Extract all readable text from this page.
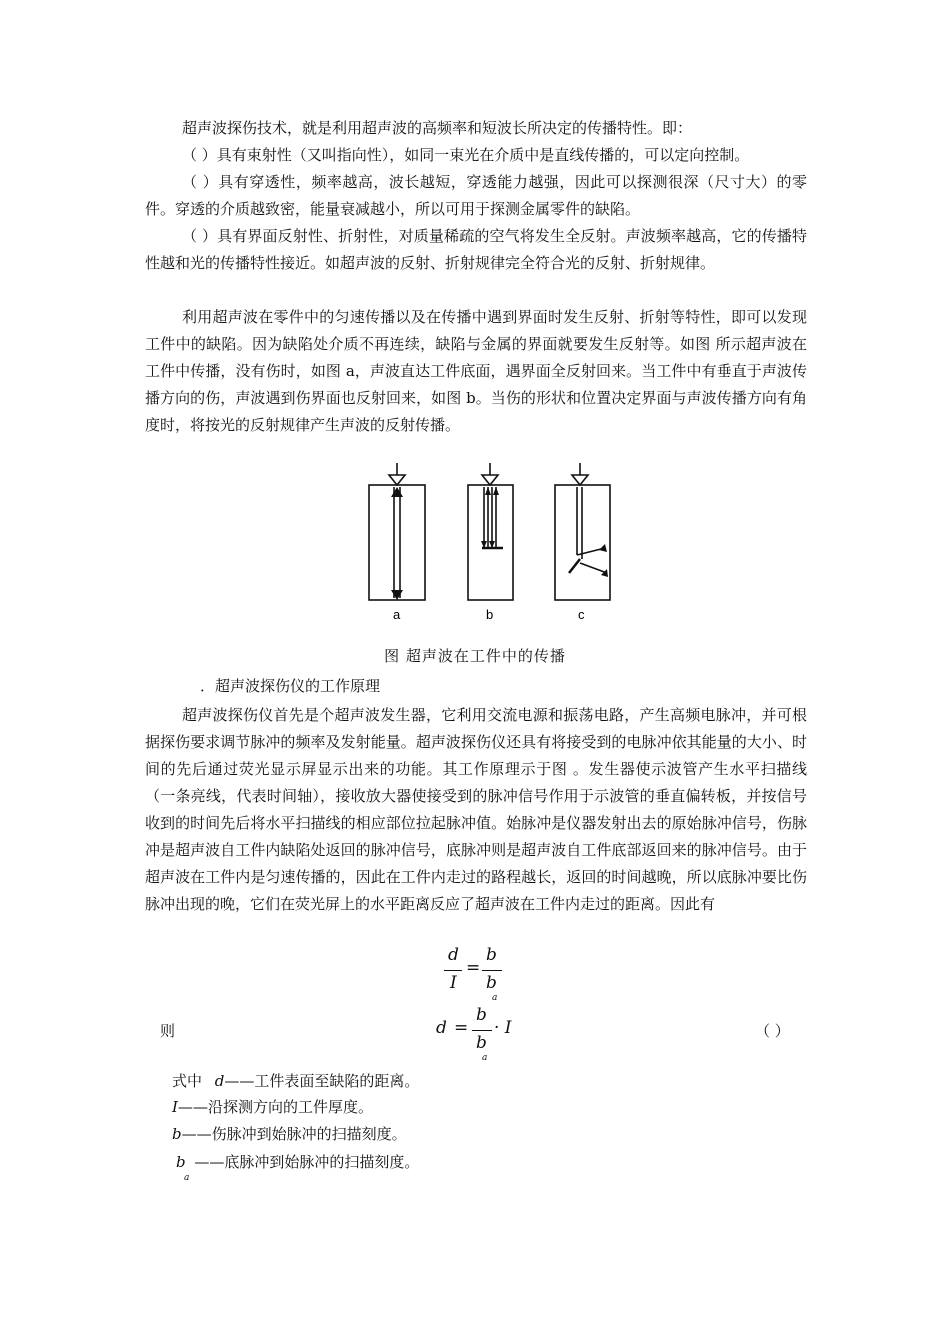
超声波探伤技术，就是利用超声波的高频率和短波长所决定的传播特性。即：

（ ）具有束射性（又叫指向性），如同一束光在介质中是直线传播的，可以定向控制。

（ ）具有穿透性，频率越高，波长越短，穿透能力越强，因此可以探测很深（尺寸大）的零件。穿透的介质越致密，能量衰减越小，所以可用于探测金属零件的缺陷。

（ ）具有界面反射性、折射性，对质量稀疏的空气将发生全反射。声波频率越高，它的传播特性越和光的传播特性接近。如超声波的反射、折射规律完全符合光的反射、折射规律。

利用超声波在零件中的匀速传播以及在传播中遇到界面时发生反射、折射等特性，即可以发现工件中的缺陷。因为缺陷处介质不再连续，缺陷与金属的界面就要发生反射等。如图 所示超声波在工件中传播，没有伤时，如图 a，声波直达工件底面，遇界面全反射回来。当工件中有垂直于声波传播方向的伤，声波遇到伤界面也反射回来，如图 b。当伤的形状和位置决定界面与声波传播方向有角度时，将按光的反射规律产生声波的反射传播。

a	b	c
图 超声波在工件中的传播
．超声波探伤仪的工作原理

超声波探伤仪首先是个超声波发生器，它利用交流电源和振荡电路，产生高频电脉冲，并可根据探伤要求调节脉冲的频率及发射能量。超声波探伤仪还具有将接受到的电脉冲依其能量的大小、时间的先后通过荧光显示屏显示出来的功能。其工作原理示于图 。发生器使示波管产生水平扫描线（一条亮线，代表时间轴），接收放大器使接受到的脉冲信号作用于示波管的垂直偏转板，并按信号收到的时间先后将水平扫描线的相应部位拉起脉冲值。始脉冲是仪器发射出去的原始脉冲信号，伤脉冲是超声波自工件内缺陷处返回的脉冲信号，底脉冲则是超声波自工件底部返回来的脉冲信号。由于超声波在工件内是匀速传播的，因此在工件内走过的路程越长，返回的时间越晚，所以底脉冲要比伤脉冲出现的晚，它们在荧光屏上的水平距离反应了超声波在工件内走过的距离。因此有

d
I
=
b
b
a
则	d =
b
b
a
· I	（ ）
式中 d——工件表面至缺陷的距离。
I——沿探测方向的工件厚度。
b——伤脉冲到始脉冲的扫描刻度。
b
a
——底脉冲到始脉冲的扫描刻度。
